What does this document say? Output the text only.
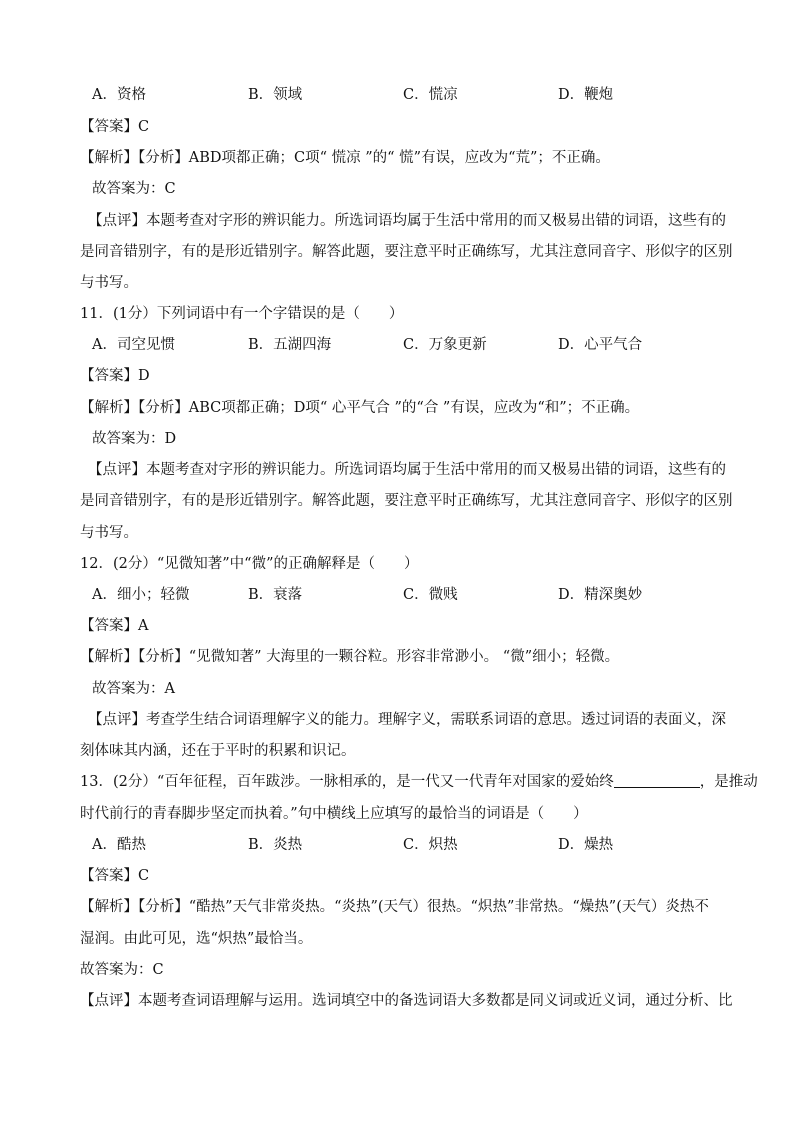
A．资格	B．领域	C．慌凉	D．鞭炮
【答案】C
【解析】【分析】ABD项都正确；C项“ 慌凉 ”的“ 慌”有误，应改为“荒”；不正确。
故答案为：C
【点评】本题考查对字形的辨识能力。所选词语均属于生活中常用的而又极易出错的词语，这些有的
是同音错别字，有的是形近错别字。解答此题，要注意平时正确练写，尤其注意同音字、形似字的区别
与书写。
11．(1分）下列词语中有一个字错误的是（　　）
A．司空见惯	B．五湖四海	C．万象更新	D．心平气合
【答案】D
【解析】【分析】ABC项都正确；D项“ 心平气合 ”的“合 ”有误，应改为“和”；不正确。
故答案为：D
【点评】本题考查对字形的辨识能力。所选词语均属于生活中常用的而又极易出错的词语，这些有的
是同音错别字，有的是形近错别字。解答此题，要注意平时正确练写，尤其注意同音字、形似字的区别
与书写。
12．(2分）“见微知著”中“微”的正确解释是（　　）
A．细小；轻微	B．衰落	C．微贱	D．精深奥妙
【答案】A
【解析】【分析】“见微知著” 大海里的一颗谷粒。形容非常渺小。 “微”细小；轻微。
故答案为：A
【点评】考查学生结合词语理解字义的能力。理解字义，需联系词语的意思。透过词语的表面义，深
刻体味其内涵，还在于平时的积累和识记。
13．(2分）“百年征程，百年跋涉。一脉相承的，是一代又一代青年对国家的爱始终	，是推动
时代前行的青春脚步坚定而执着。”句中横线上应填写的最恰当的词语是（　　）
A．酷热	B．炎热	C．炽热	D．燥热
【答案】C
【解析】【分析】“酷热”天气非常炎热。“炎热”(天气）很热。“炽热”非常热。“燥热”(天气）炎热不
湿润。由此可见，选“炽热”最恰当。
故答案为：C
【点评】本题考查词语理解与运用。选词填空中的备选词语大多数都是同义词或近义词，通过分析、比
